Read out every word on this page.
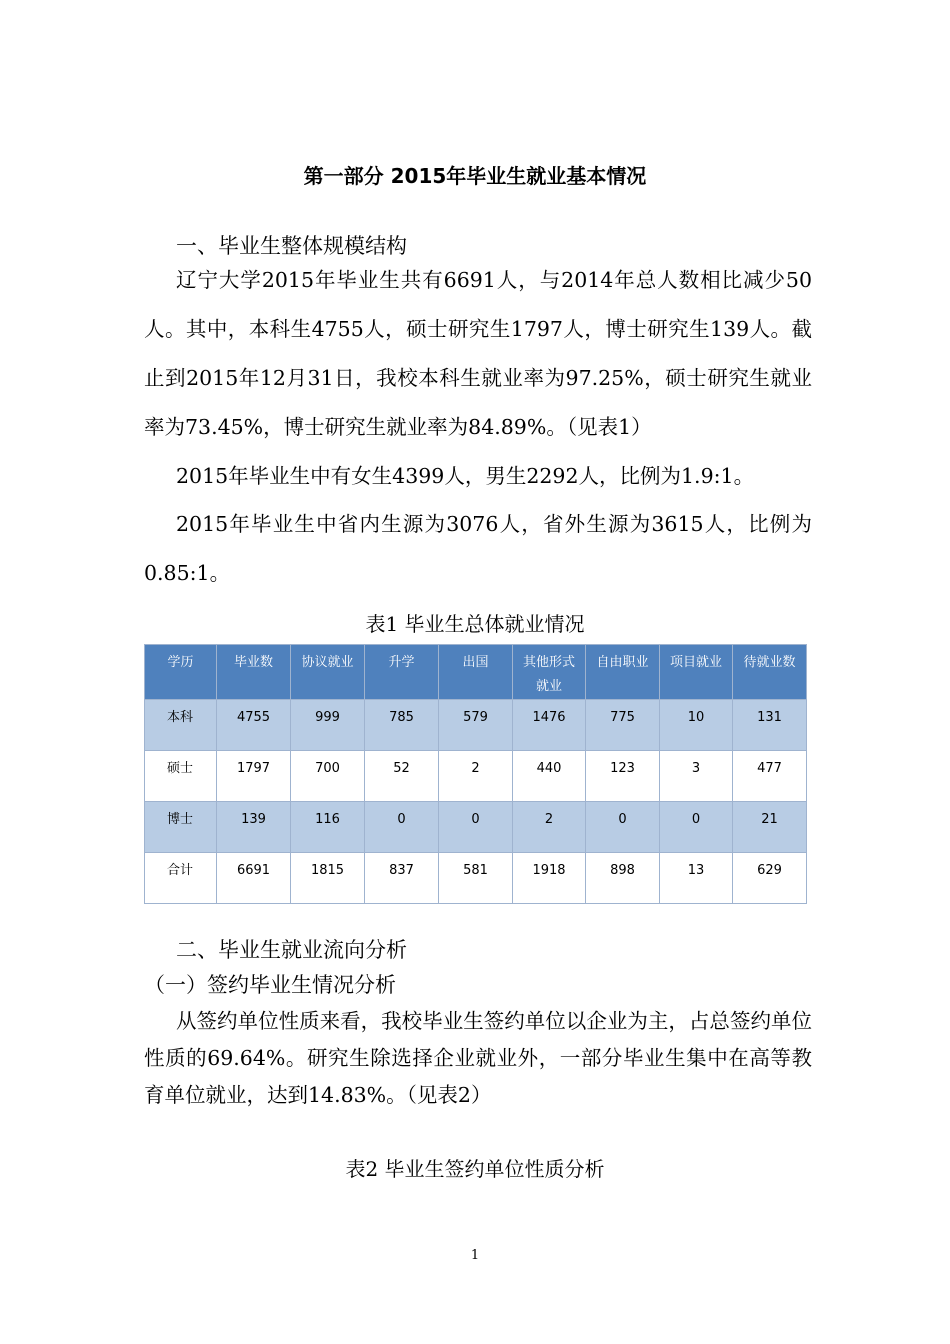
第一部分 2015年毕业生就业基本情况
一、毕业生整体规模结构

辽宁大学2015年毕业生共有6691人，与2014年总人数相比减少50人。其中，本科生4755人，硕士研究生1797人，博士研究生139人。截止到2015年12月31日，我校本科生就业率为97.25%，硕士研究生就业率为73.45%，博士研究生就业率为84.89%。（见表1）

2015年毕业生中有女生4399人，男生2292人，比例为1.9:1。

2015年毕业生中省内生源为3076人，省外生源为3615人，比例为0.85:1。

表1 毕业生总体就业情况
学历	毕业数	协议就业	升学	出国	其他形式就业	自由职业	项目就业	待就业数
本科	4755	999	785	579	1476	775	10	131
硕士	1797	700	52	2	440	123	3	477
博士	139	116	0	0	2	0	0	21
合计	6691	1815	837	581	1918	898	13	629
二、毕业生就业流向分析
（一）签约毕业生情况分析

从签约单位性质来看，我校毕业生签约单位以企业为主，占总签约单位性质的69.64%。研究生除选择企业就业外，一部分毕业生集中在高等教育单位就业，达到14.83%。（见表2）

表2 毕业生签约单位性质分析
1
